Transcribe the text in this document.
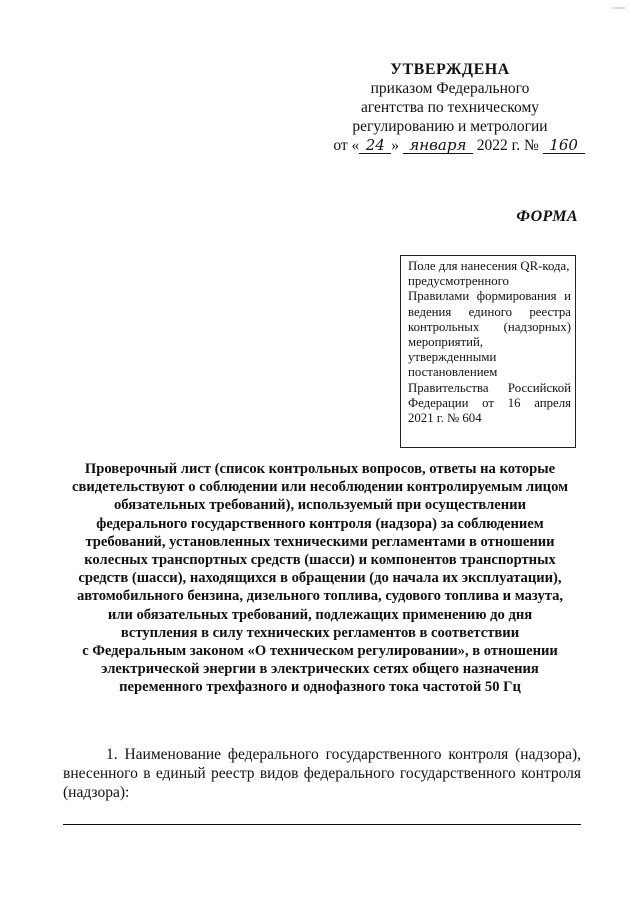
—
УТВЕРЖДЕНА
приказом Федерального
агентства по техническому
регулированию и метрологии
от « 24 » января 2022 г. № 160
ФОРМА
Поле для нанесения QR-кода,
предусмотренного
Правилами формирования и
ведения единого реестра
контрольных (надзорных)
мероприятий,
утвержденными
постановлением
Правительства Российской
Федерации от 16 апреля
2021 г. № 604
Проверочный лист (список контрольных вопросов, ответы на которые
свидетельствуют о соблюдении или несоблюдении контролируемым лицом
обязательных требований), используемый при осуществлении
федерального государственного контроля (надзора) за соблюдением
требований, установленных техническими регламентами в отношении
колесных транспортных средств (шасси) и компонентов транспортных
средств (шасси), находящихся в обращении (до начала их эксплуатации),
автомобильного бензина, дизельного топлива, судового топлива и мазута,
или обязательных требований, подлежащих применению до дня
вступления в силу технических регламентов в соответствии
с Федеральным законом «О техническом регулировании», в отношении
электрической энергии в электрических сетях общего назначения
переменного трехфазного и однофазного тока частотой 50 Гц
1. Наименование федерального государственного контроля (надзора),
внесенного в единый реестр видов федерального государственного контроля
(надзора):
